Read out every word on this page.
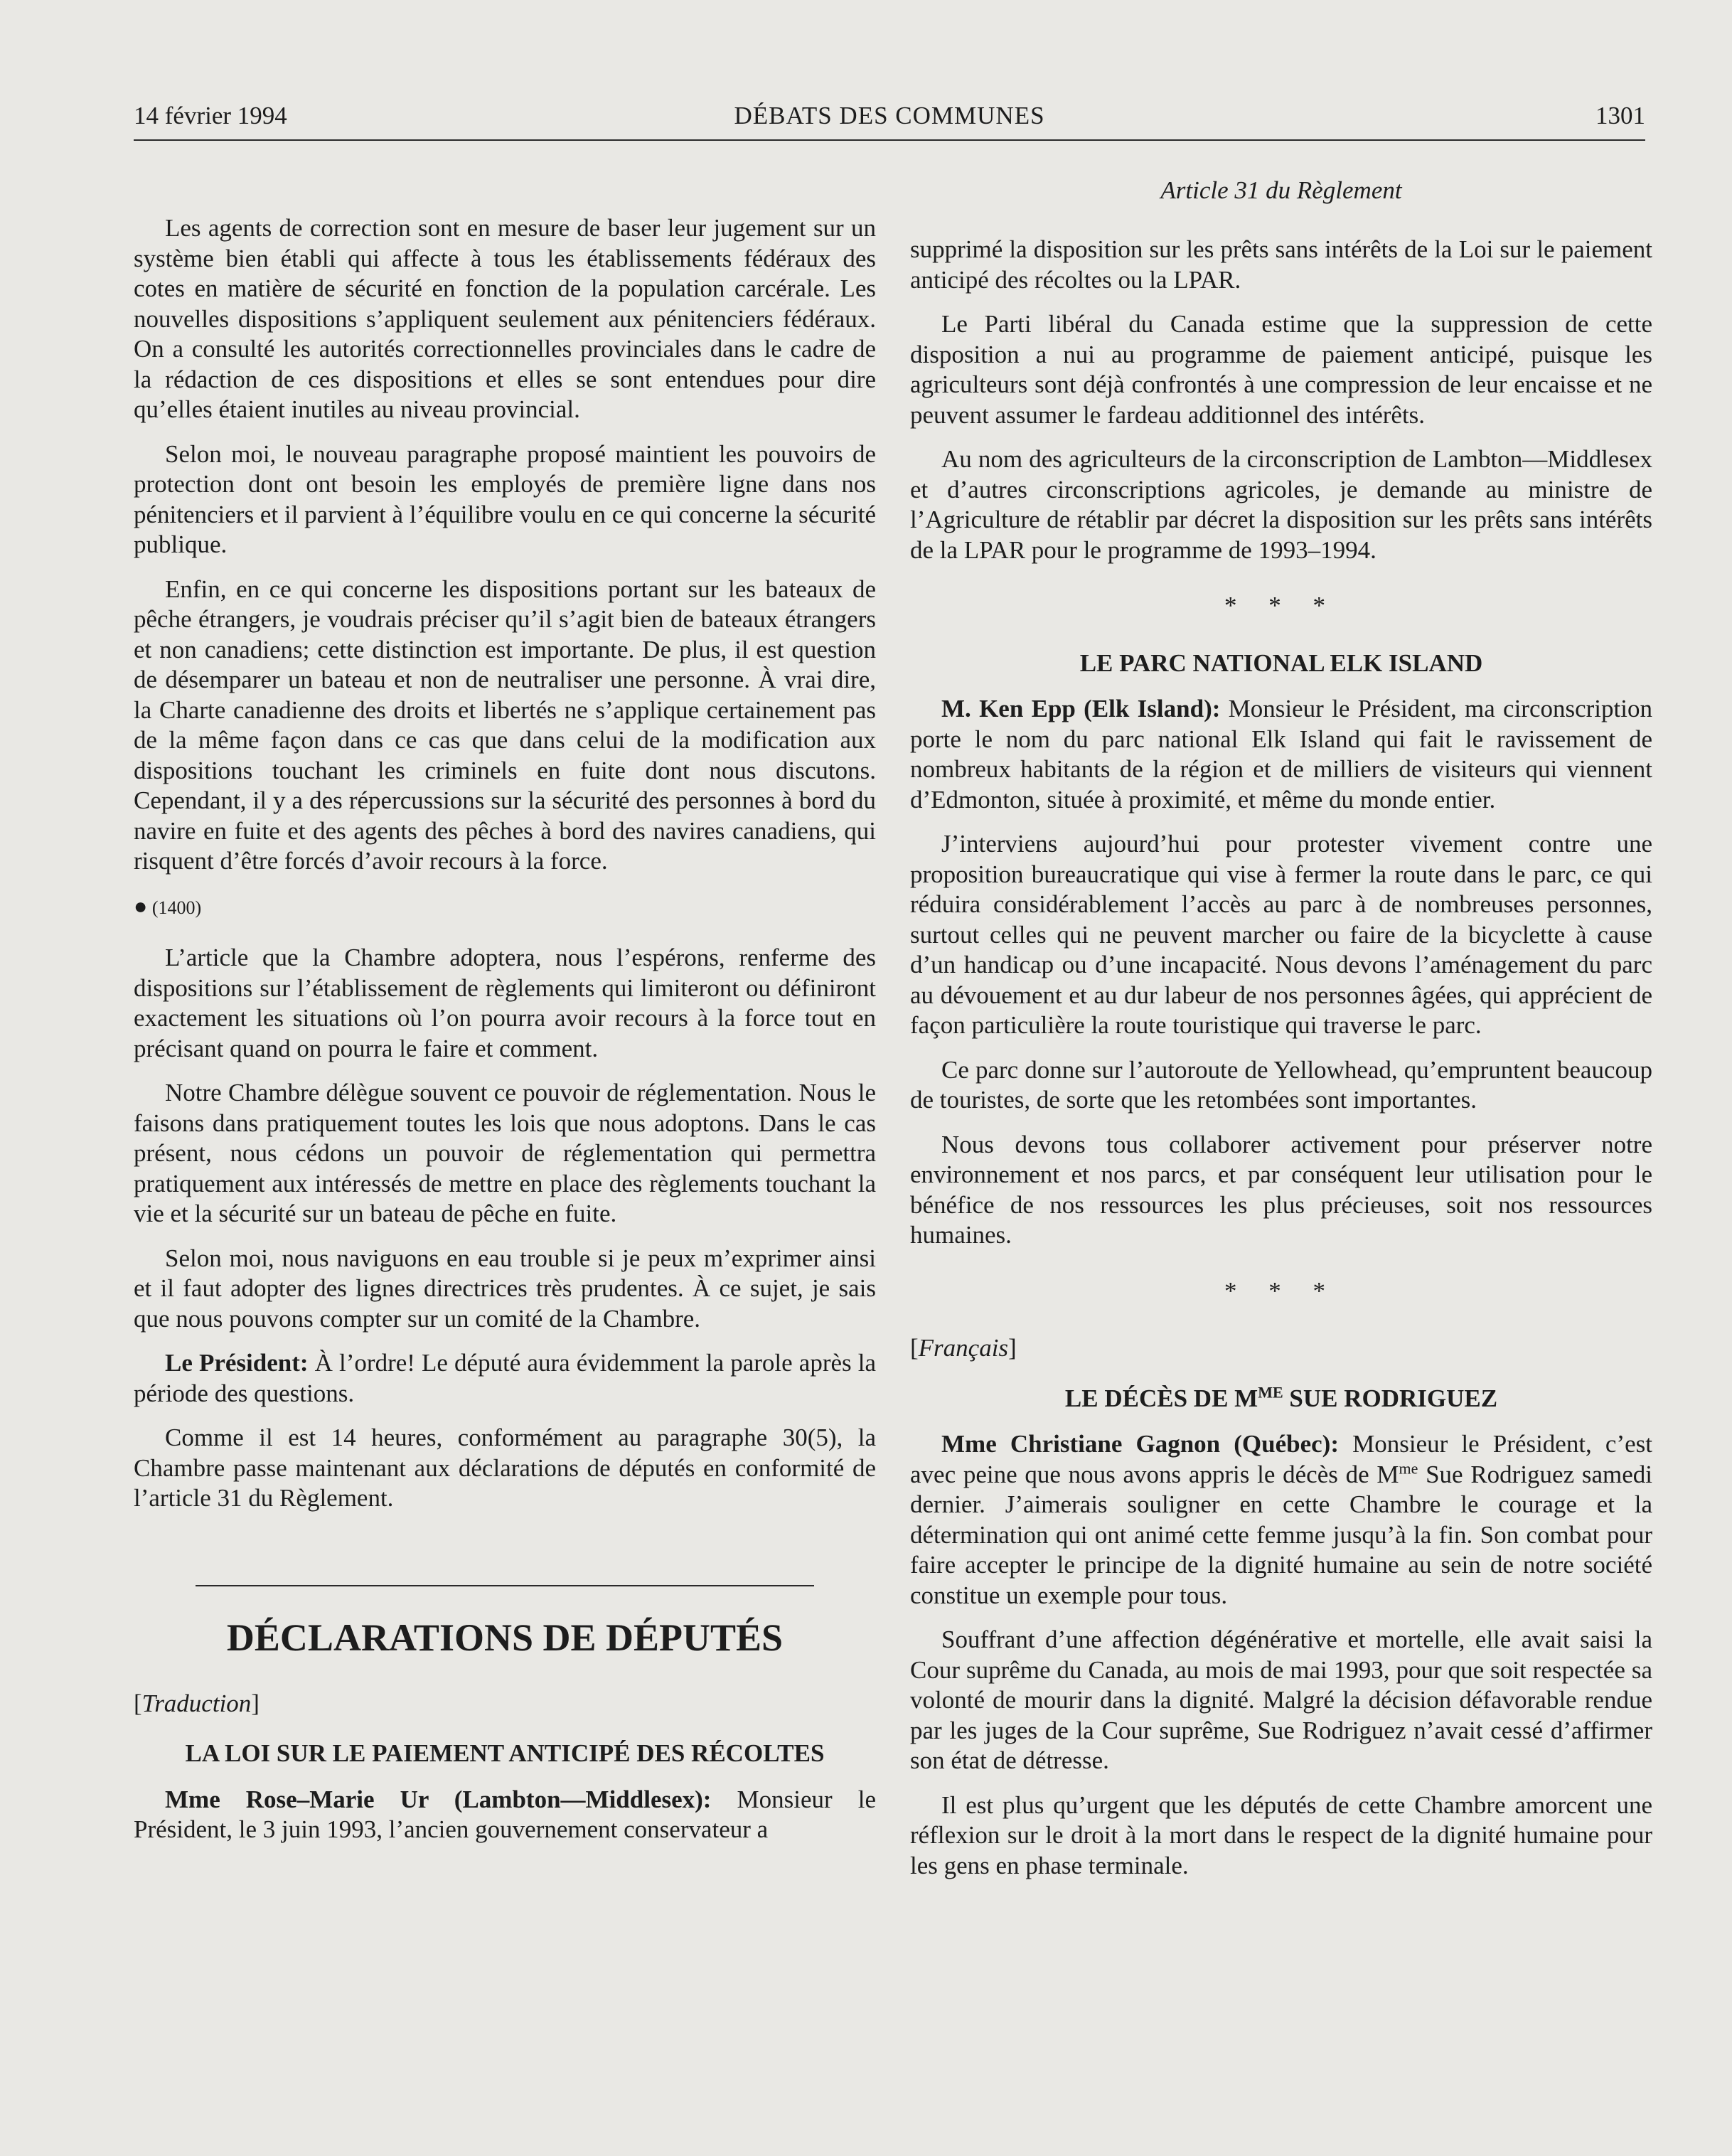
14 février 1994	DÉBATS DES COMMUNES	1301
Article 31 du Règlement

Les agents de correction sont en mesure de baser leur jugement sur un système bien établi qui affecte à tous les établissements fédéraux des cotes en matière de sécurité en fonction de la population carcérale. Les nouvelles dispositions s’appliquent seulement aux pénitenciers fédéraux. On a consulté les autorités correctionnelles provinciales dans le cadre de la rédaction de ces dispositions et elles se sont entendues pour dire qu’elles étaient inutiles au niveau provincial.

Selon moi, le nouveau paragraphe proposé maintient les pouvoirs de protection dont ont besoin les employés de première ligne dans nos pénitenciers et il parvient à l’équilibre voulu en ce qui concerne la sécurité publique.

Enfin, en ce qui concerne les dispositions portant sur les bateaux de pêche étrangers, je voudrais préciser qu’il s’agit bien de bateaux étrangers et non canadiens; cette distinction est importante. De plus, il est question de désemparer un bateau et non de neutraliser une personne. À vrai dire, la Charte canadienne des droits et libertés ne s’applique certainement pas de la même façon dans ce cas que dans celui de la modification aux dispositions touchant les criminels en fuite dont nous discutons. Cependant, il y a des répercussions sur la sécurité des personnes à bord du navire en fuite et des agents des pêches à bord des navires canadiens, qui risquent d’être forcés d’avoir recours à la force.

● (1400)

L’article que la Chambre adoptera, nous l’espérons, renferme des dispositions sur l’établissement de règlements qui limiteront ou définiront exactement les situations où l’on pourra avoir recours à la force tout en précisant quand on pourra le faire et comment.

Notre Chambre délègue souvent ce pouvoir de réglementation. Nous le faisons dans pratiquement toutes les lois que nous adoptons. Dans le cas présent, nous cédons un pouvoir de réglementation qui permettra pratiquement aux intéressés de mettre en place des règlements touchant la vie et la sécurité sur un bateau de pêche en fuite.

Selon moi, nous naviguons en eau trouble si je peux m’exprimer ainsi et il faut adopter des lignes directrices très prudentes. À ce sujet, je sais que nous pouvons compter sur un comité de la Chambre.

Le Président: À l’ordre! Le député aura évidemment la parole après la période des questions.

Comme il est 14 heures, conformément au paragraphe 30(5), la Chambre passe maintenant aux déclarations de députés en conformité de l’article 31 du Règlement.

DÉCLARATIONS DE DÉPUTÉS

[Traduction]

LA LOI SUR LE PAIEMENT ANTICIPÉ DES RÉCOLTES

Mme Rose–Marie Ur (Lambton—Middlesex): Monsieur le Président, le 3 juin 1993, l’ancien gouvernement conservateur a

supprimé la disposition sur les prêts sans intérêts de la Loi sur le paiement anticipé des récoltes ou la LPAR.

Le Parti libéral du Canada estime que la suppression de cette disposition a nui au programme de paiement anticipé, puisque les agriculteurs sont déjà confrontés à une compression de leur encaisse et ne peuvent assumer le fardeau additionnel des intérêts.

Au nom des agriculteurs de la circonscription de Lambton—Middlesex et d’autres circonscriptions agricoles, je demande au ministre de l’Agriculture de rétablir par décret la disposition sur les prêts sans intérêts de la LPAR pour le programme de 1993–1994.

* * *

LE PARC NATIONAL ELK ISLAND

M. Ken Epp (Elk Island): Monsieur le Président, ma circonscription porte le nom du parc national Elk Island qui fait le ravissement de nombreux habitants de la région et de milliers de visiteurs qui viennent d’Edmonton, située à proximité, et même du monde entier.

J’interviens aujourd’hui pour protester vivement contre une proposition bureaucratique qui vise à fermer la route dans le parc, ce qui réduira considérablement l’accès au parc à de nombreuses personnes, surtout celles qui ne peuvent marcher ou faire de la bicyclette à cause d’un handicap ou d’une incapacité. Nous devons l’aménagement du parc au dévouement et au dur labeur de nos personnes âgées, qui apprécient de façon particulière la route touristique qui traverse le parc.

Ce parc donne sur l’autoroute de Yellowhead, qu’empruntent beaucoup de touristes, de sorte que les retombées sont importantes.

Nous devons tous collaborer activement pour préserver notre environnement et nos parcs, et par conséquent leur utilisation pour le bénéfice de nos ressources les plus précieuses, soit nos ressources humaines.

* * *

[Français]

LE DÉCÈS DE $M^{ME}$ SUE RODRIGUEZ

Mme Christiane Gagnon (Québec): Monsieur le Président, c’est avec peine que nous avons appris le décès de $M^{me}$ Sue Rodriguez samedi dernier. J’aimerais souligner en cette Chambre le courage et la détermination qui ont animé cette femme jusqu’à la fin. Son combat pour faire accepter le principe de la dignité humaine au sein de notre société constitue un exemple pour tous.

Souffrant d’une affection dégénérative et mortelle, elle avait saisi la Cour suprême du Canada, au mois de mai 1993, pour que soit respectée sa volonté de mourir dans la dignité. Malgré la décision défavorable rendue par les juges de la Cour suprême, Sue Rodriguez n’avait cessé d’affirmer son état de détresse.

Il est plus qu’urgent que les députés de cette Chambre amorcent une réflexion sur le droit à la mort dans le respect de la dignité humaine pour les gens en phase terminale.
